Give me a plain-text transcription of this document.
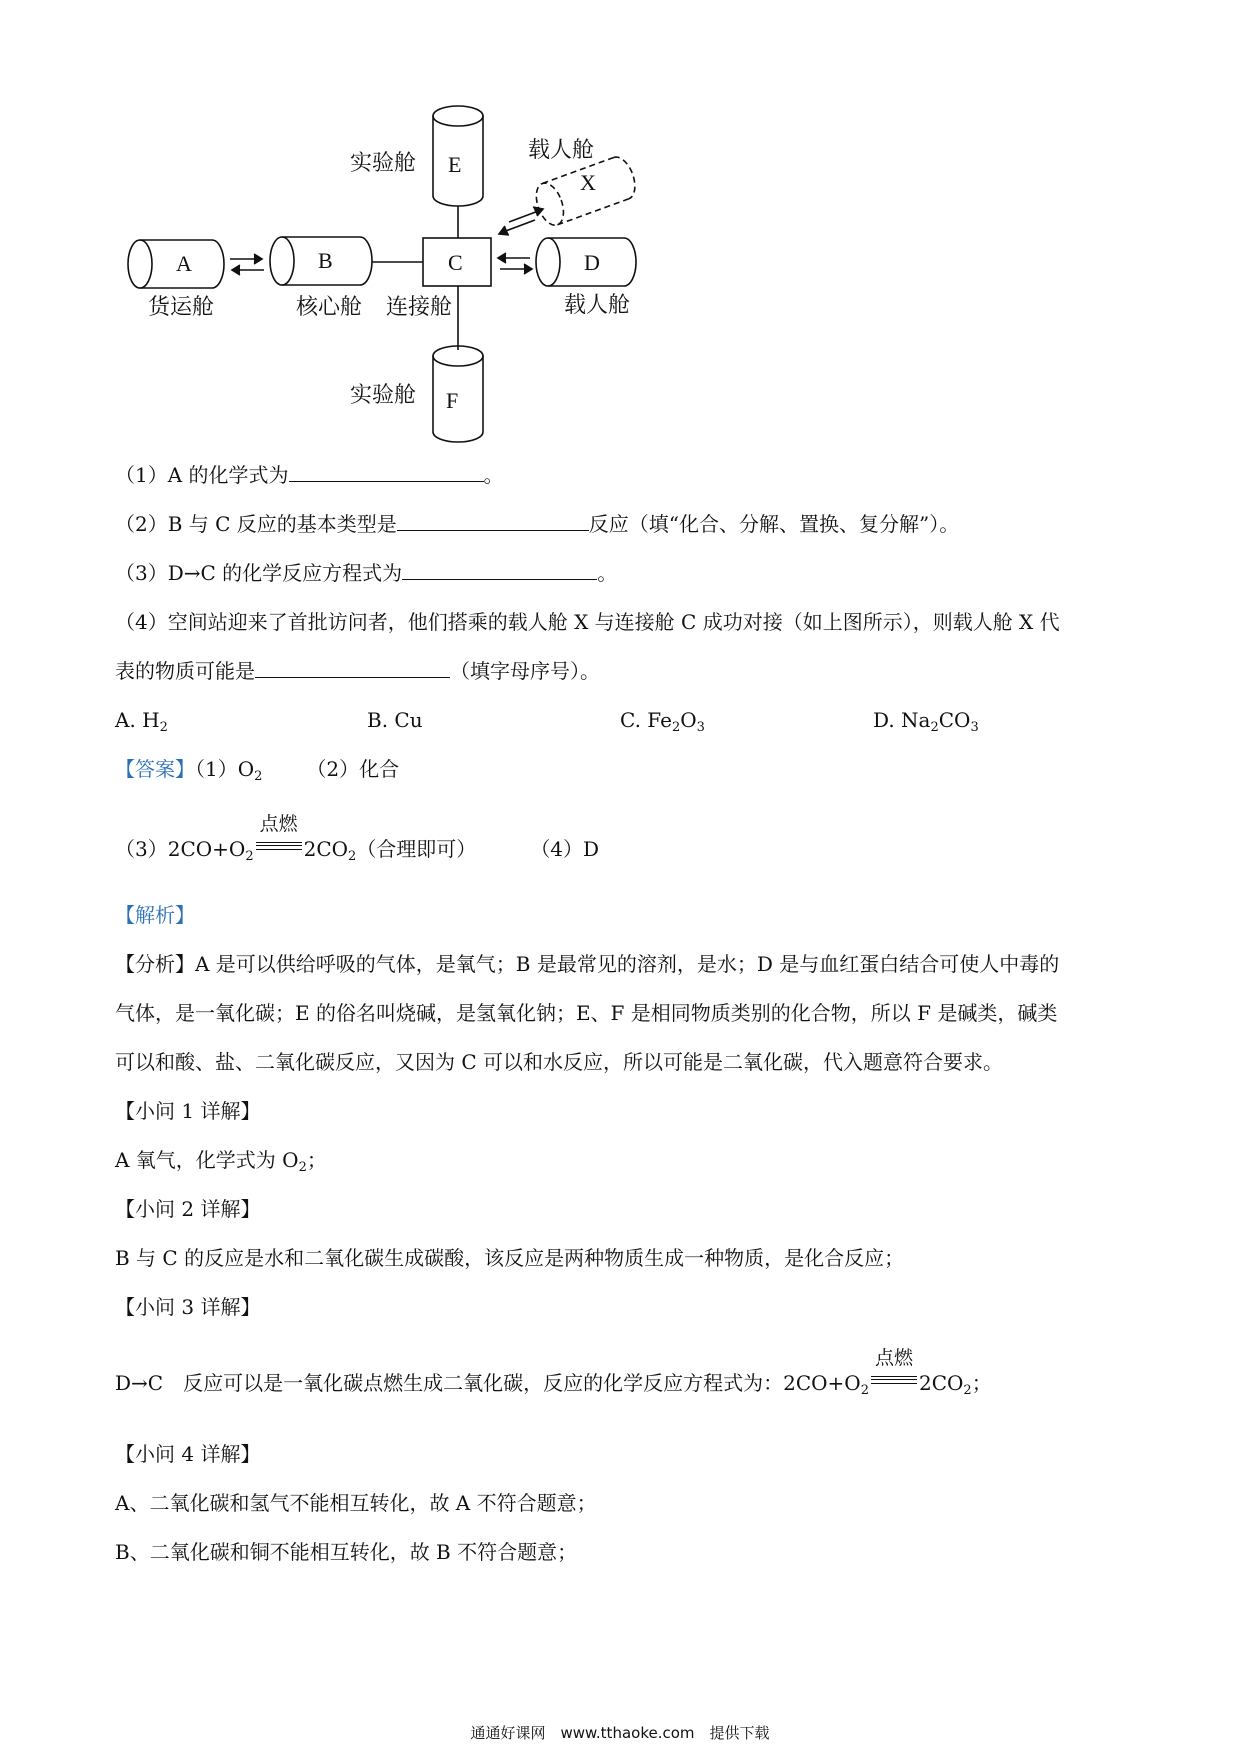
E
A	B	C	D
X
F
实验舱
载人舱
货运舱	核心舱 连接舱	载人舱
实验舱
（1）A 的化学式为	。
（2）B 与 C 反应的基本类型是	反应（填“化合、分解、置换、复分解”）。
（3）D→C 的化学反应方程式为	。
（4）空间站迎来了首批访问者，他们搭乘的载人舱 X 与连接舱 C 成功对接（如上图所示），则载人舱 X 代
表的物质可能是	（填字母序号）。
A. $H_2$	B. Cu	C. $Fe_2O_3$	D. $Na_2CO_3$
【答案】$(1)O_2$ （2）化合
$(3)2CO+O_2$
点燃
$2CO_2$（合理即可）	（4）D
【解析】
【分析】A 是可以供给呼吸的气体，是氧气；B 是最常见的溶剂，是水；D 是与血红蛋白结合可使人中毒的
气体，是一氧化碳；E 的俗名叫烧碱，是氢氧化钠；E、F 是相同物质类别的化合物，所以 F 是碱类，碱类
可以和酸、盐、二氧化碳反应，又因为 C 可以和水反应，所以可能是二氧化碳，代入题意符合要求。
【小问 1 详解】
A 氧气，化学式为 $O_2$；
【小问 2 详解】
B 与 C 的反应是水和二氧化碳生成碳酸，该反应是两种物质生成一种物质，是化合反应；
【小问 3 详解】
D→C　反应可以是一氧化碳点燃生成二氧化碳，反应的化学反应方程式为：$2CO+O_2$
点燃
$2CO_2$；
【小问 4 详解】
A、二氧化碳和氢气不能相互转化，故 A 不符合题意；
B、二氧化碳和铜不能相互转化，故 B 不符合题意；
通通好课网　www.tthaoke.com　提供下载
